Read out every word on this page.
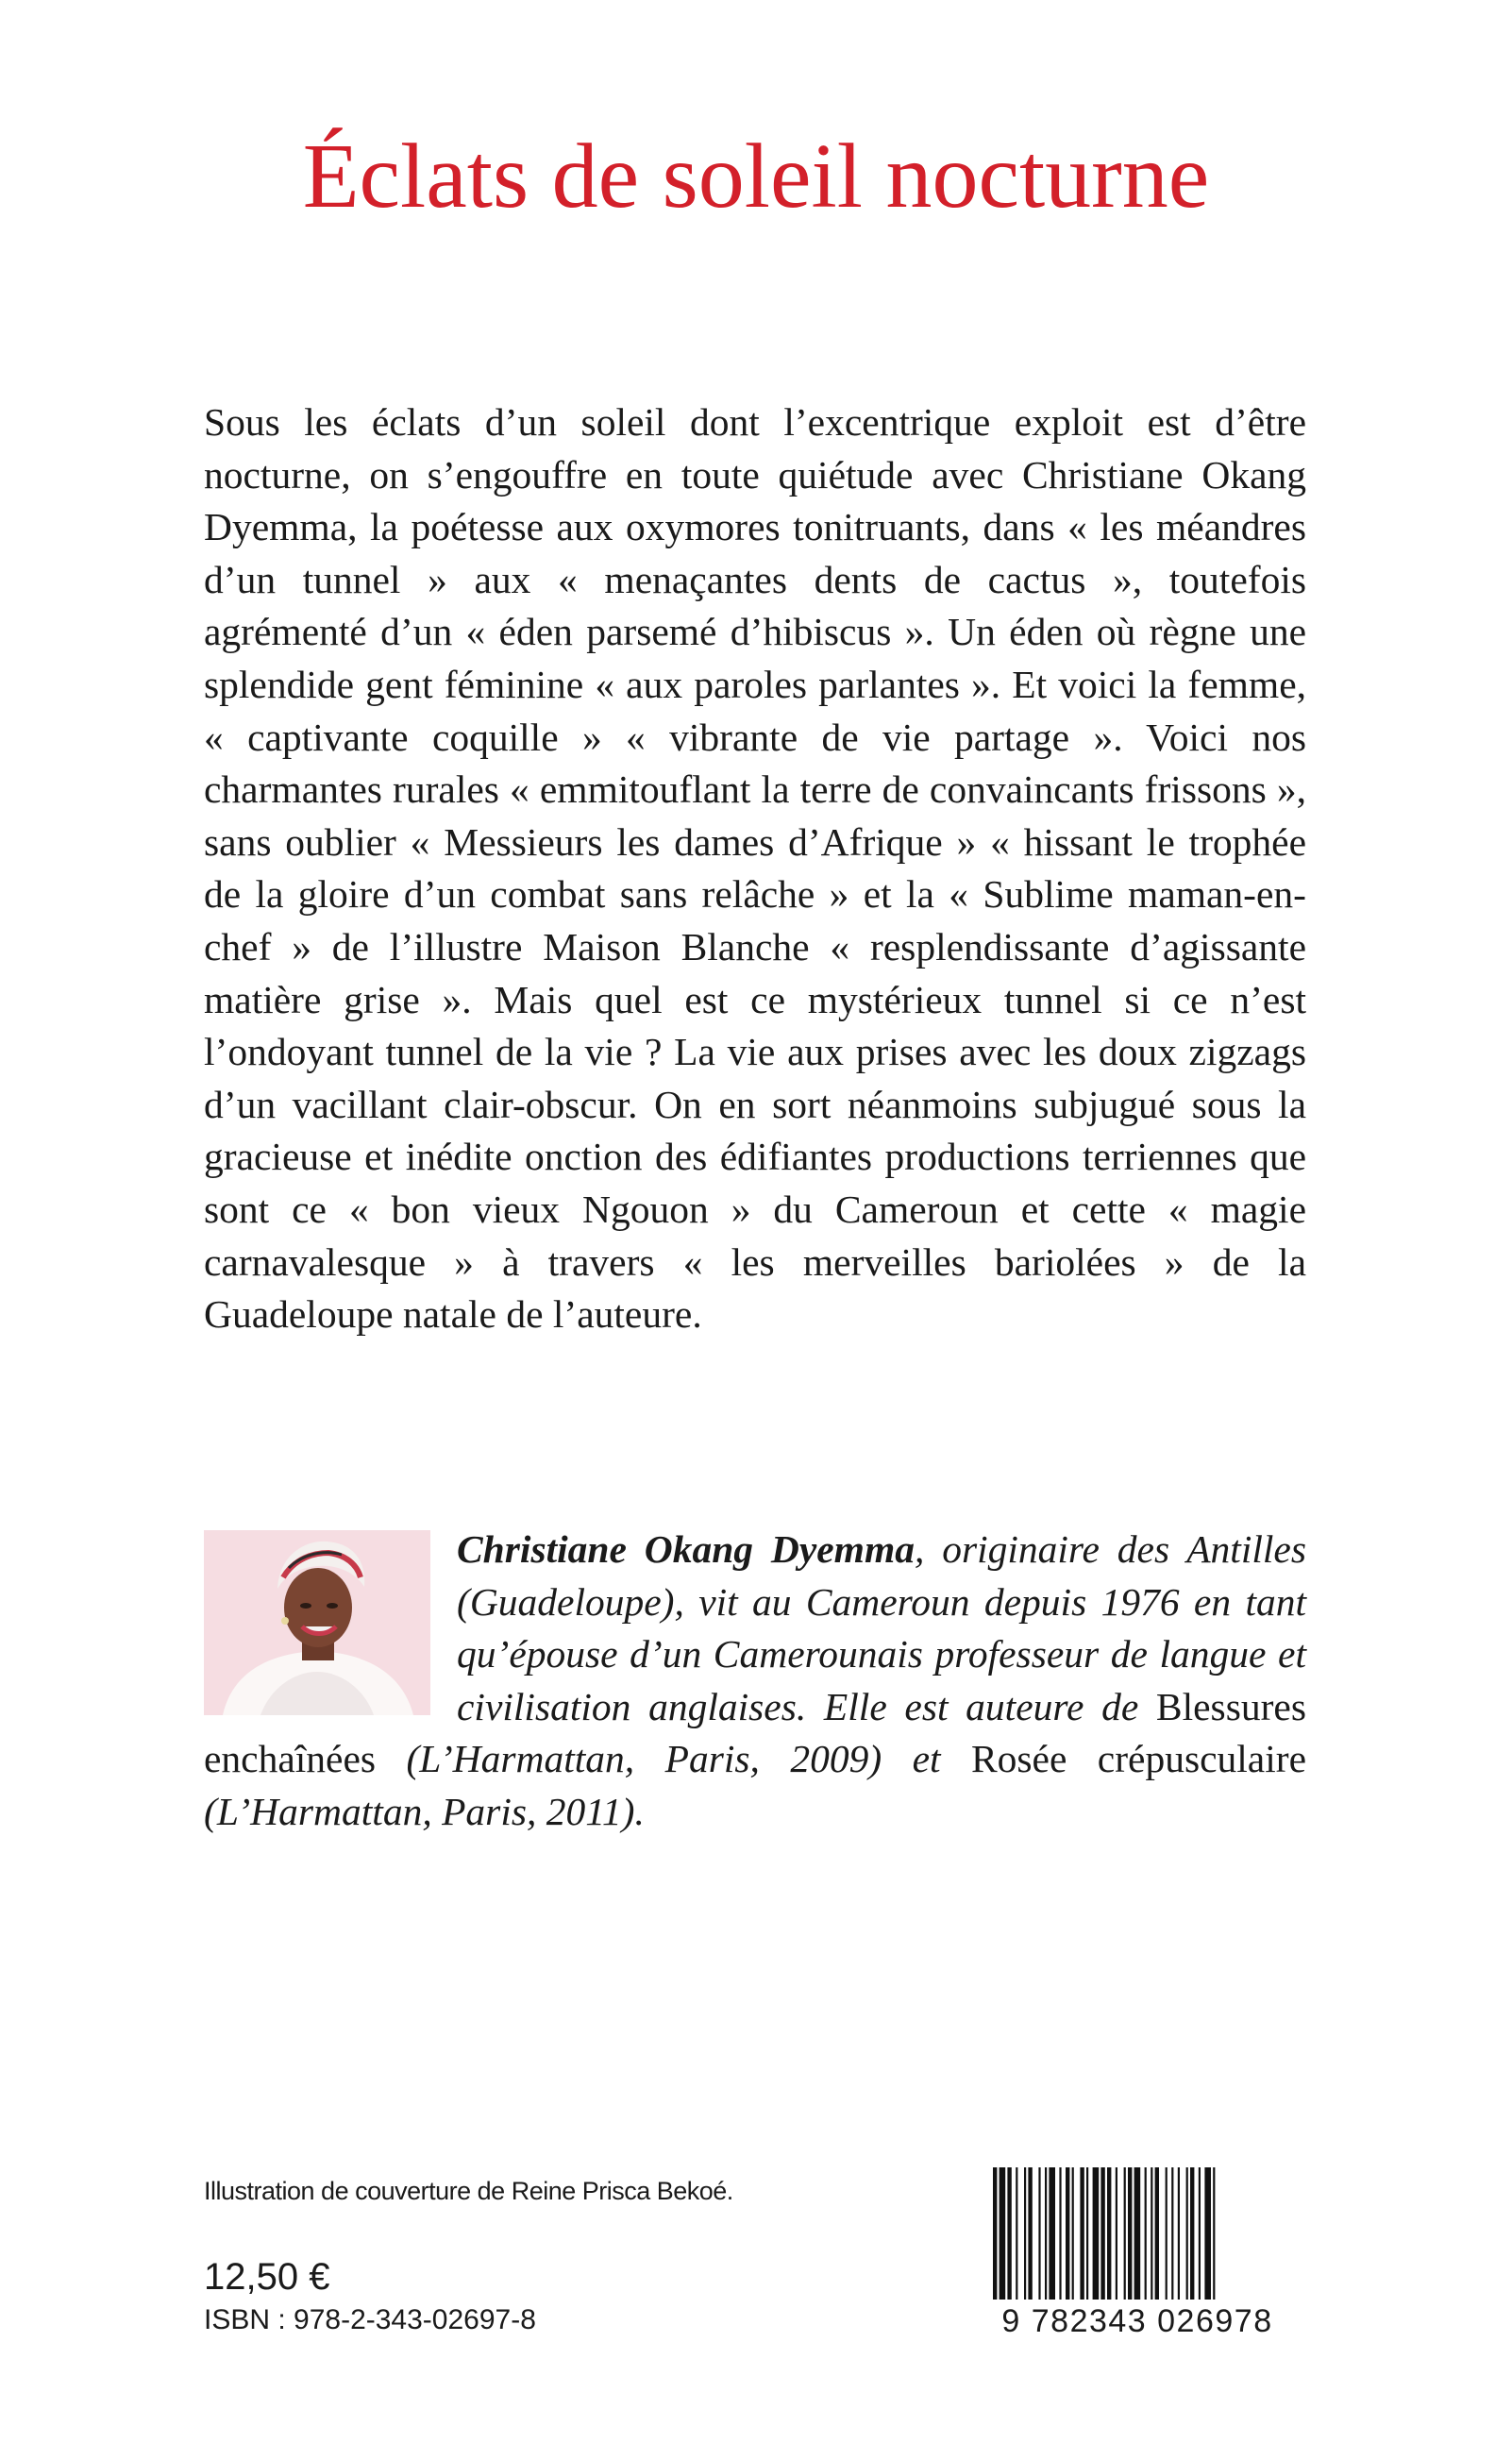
Éclats de soleil nocturne

Sous les éclats d’un soleil dont l’excentrique exploit est d’être nocturne, on s’engouffre en toute quiétude avec Christiane Okang Dyemma, la poétesse aux oxymores tonitruants, dans « les méandres d’un tunnel » aux « menaçantes dents de cactus », toutefois agrémenté d’un « éden parsemé d’hibiscus ». Un éden où règne une splendide gent féminine « aux paroles parlantes ». Et voici la femme, « captivante coquille » « vibrante de vie partage ». Voici nos charmantes rurales « emmitouflant la terre de convaincants frissons », sans oublier « Messieurs les dames d’Afrique » « hissant le trophée de la gloire d’un combat sans relâche » et la « Sublime maman-en-chef » de l’illustre Maison Blanche « resplendissante d’agissante matière grise ». Mais quel est ce mystérieux tunnel si ce n’est l’ondoyant tunnel de la vie ? La vie aux prises avec les doux zigzags d’un vacillant clair-obscur. On en sort néanmoins subjugué sous la gracieuse et inédite onction des édifiantes productions terriennes que sont ce « bon vieux Ngouon » du Cameroun et cette « magie carnavalesque » à travers « les merveilles bariolées » de la Guadeloupe natale de l’auteure.

Christiane Okang Dyemma, originaire des Antilles (Guadeloupe), vit au Cameroun depuis 1976 en tant qu’épouse d’un Camerounais professeur de langue et civilisation anglaises. Elle est auteure de Blessures enchaînées (L’Harmattan, Paris, 2009) et Rosée crépusculaire (L’Harmattan, Paris, 2011).

Illustration de couverture de Reine Prisca Bekoé.

12,50 €

ISBN : 978-2-343-02697-8	9 782343 026978
